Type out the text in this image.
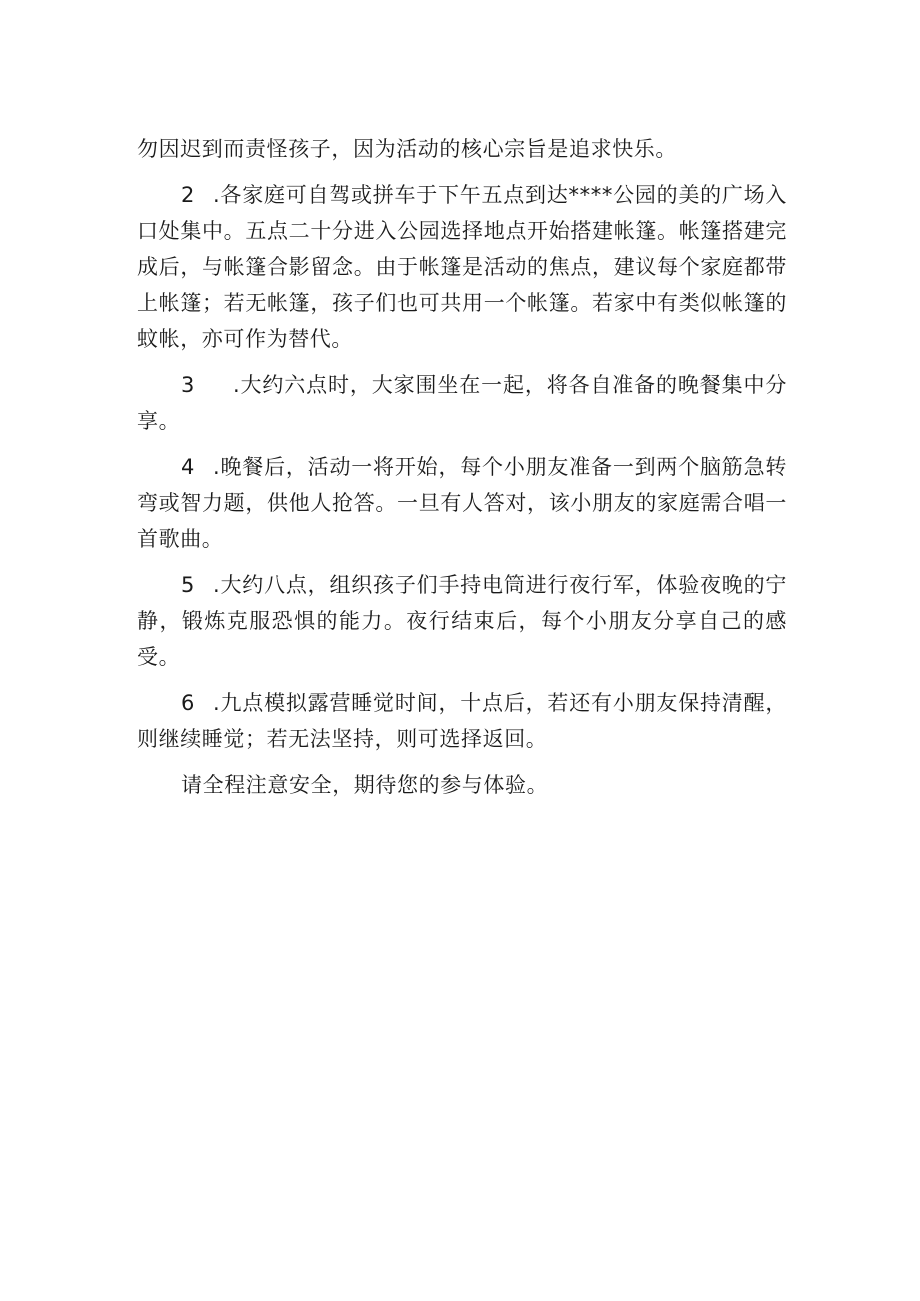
勿因迟到而责怪孩子，因为活动的核心宗旨是追求快乐。

2 .各家庭可自驾或拼车于下午五点到达****公园的美的广场入口处集中。五点二十分进入公园选择地点开始搭建帐篷。帐篷搭建完成后，与帐篷合影留念。由于帐篷是活动的焦点，建议每个家庭都带上帐篷；若无帐篷，孩子们也可共用一个帐篷。若家中有类似帐篷的蚊帐，亦可作为替代。

3 .大约六点时，大家围坐在一起，将各自准备的晚餐集中分享。

4 .晚餐后，活动一将开始，每个小朋友准备一到两个脑筋急转弯或智力题，供他人抢答。一旦有人答对，该小朋友的家庭需合唱一首歌曲。

5 .大约八点，组织孩子们手持电筒进行夜行军，体验夜晚的宁静，锻炼克服恐惧的能力。夜行结束后，每个小朋友分享自己的感受。

6 .九点模拟露营睡觉时间，十点后，若还有小朋友保持清醒，则继续睡觉；若无法坚持，则可选择返回。

请全程注意安全，期待您的参与体验。
